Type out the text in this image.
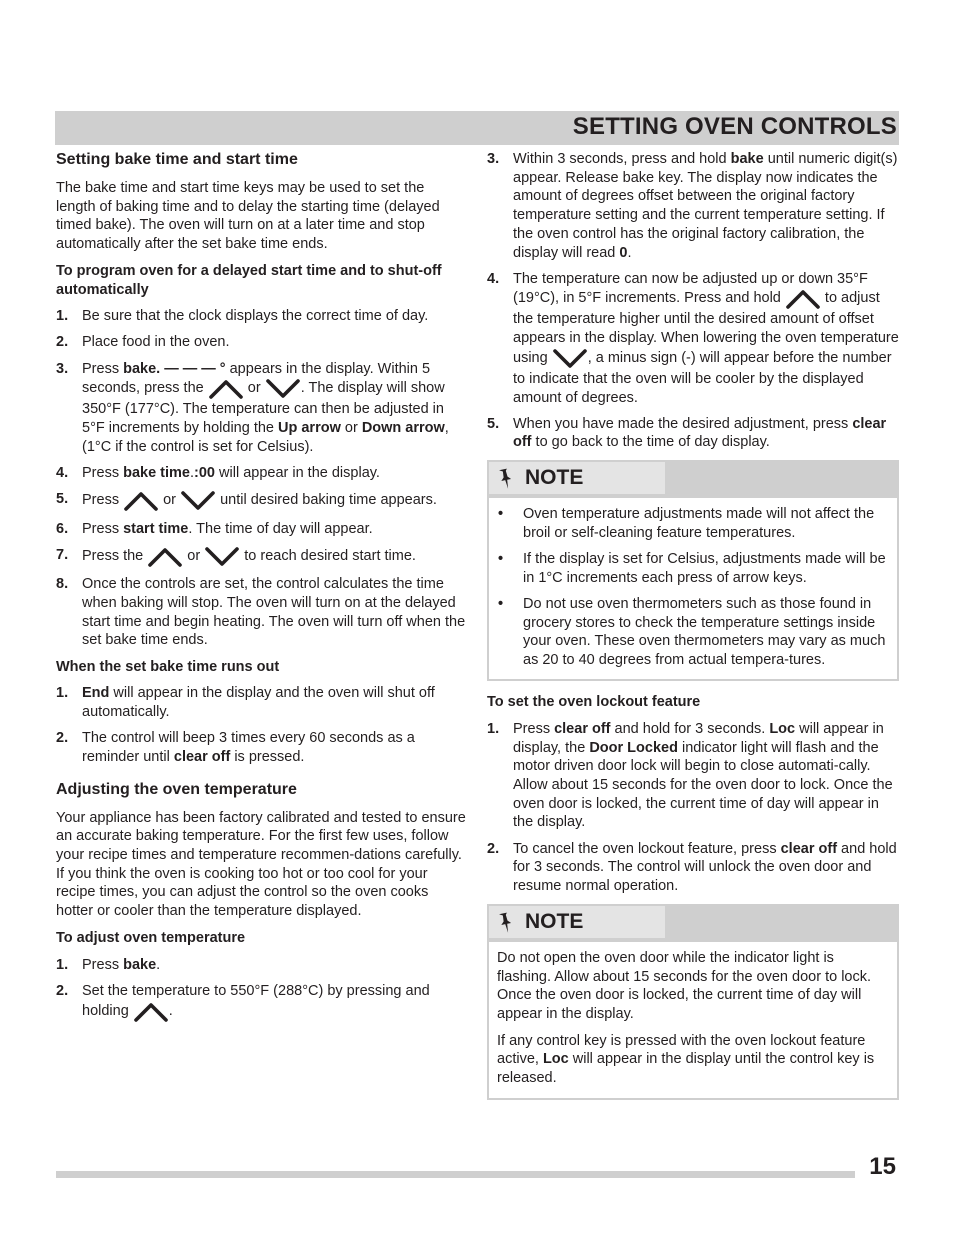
SETTING OVEN CONTROLS
Setting bake time and start time

The bake time and start time keys may be used to set the length of baking time and to delay the starting time (delayed timed bake). The oven will turn on at a later time and stop automatically after the set bake time ends.

To program oven for a delayed start time and to shut-off automatically
1. Be sure that the clock displays the correct time of day.
2. Place food in the oven.
3. Press bake. — — — ° appears in the display. Within 5 seconds, press the
or
. The display will show 350°F (177°C). The temperature can then be adjusted in 5°F increments by holding the Up arrow or Down arrow, (1°C if the control is set for Celsius).
4. Press bake time.:00 will appear in the display.
5. Press
or
until desired baking time appears.
6. Press start time. The time of day will appear.
7. Press the
or
to reach desired start time.
8. Once the controls are set, the control calculates the time when baking will stop. The oven will turn on at the delayed start time and begin heating. The oven will turn off when the set bake time ends.
When the set bake time runs out
1. End will appear in the display and the oven will shut off automatically.
2. The control will beep 3 times every 60 seconds as a reminder until clear off is pressed.
Adjusting the oven temperature

Your appliance has been factory calibrated and tested to ensure an accurate baking temperature. For the first few uses, follow your recipe times and temperature recommen-dations carefully. If you think the oven is cooking too hot or too cool for your recipe times, you can adjust the control so the oven cooks hotter or cooler than the temperature displayed.

To adjust oven temperature
1. Press bake.
2. Set the temperature to 550°F (288°C) by pressing and holding
.
3. Within 3 seconds, press and hold bake until numeric digit(s) appear. Release bake key. The display now indicates the amount of degrees offset between the original factory temperature setting and the current temperature setting. If the oven control has the original factory calibration, the display will read 0.
4. The temperature can now be adjusted up or down 35°F (19°C), in 5°F increments. Press and hold
to adjust the temperature higher until the desired amount of offset appears in the display. When lowering the oven temperature using
, a minus sign (-) will appear before the number to indicate that the oven will be cooler by the displayed amount of degrees.
5. When you have made the desired adjustment, press clear off to go back to the time of day display.
NOTE
• Oven temperature adjustments made will not affect the broil or self-cleaning feature temperatures.
• If the display is set for Celsius, adjustments made will be in 1°C increments each press of arrow keys.
• Do not use oven thermometers such as those found in grocery stores to check the temperature settings inside your oven. These oven thermometers may vary as much as 20 to 40 degrees from actual tempera-tures.
To set the oven lockout feature
1. Press clear off and hold for 3 seconds. Loc will appear in display, the Door Locked indicator light will flash and the motor driven door lock will begin to close automati-cally. Allow about 15 seconds for the oven door to lock. Once the oven door is locked, the current time of day will appear in the display.
2. To cancel the oven lockout feature, press clear off and hold for 3 seconds. The control will unlock the oven door and resume normal operation.
NOTE

Do not open the oven door while the indicator light is flashing. Allow about 15 seconds for the oven door to lock. Once the oven door is locked, the current time of day will appear in the display.

If any control key is pressed with the oven lockout feature active, Loc will appear in the display until the control key is released.

15
